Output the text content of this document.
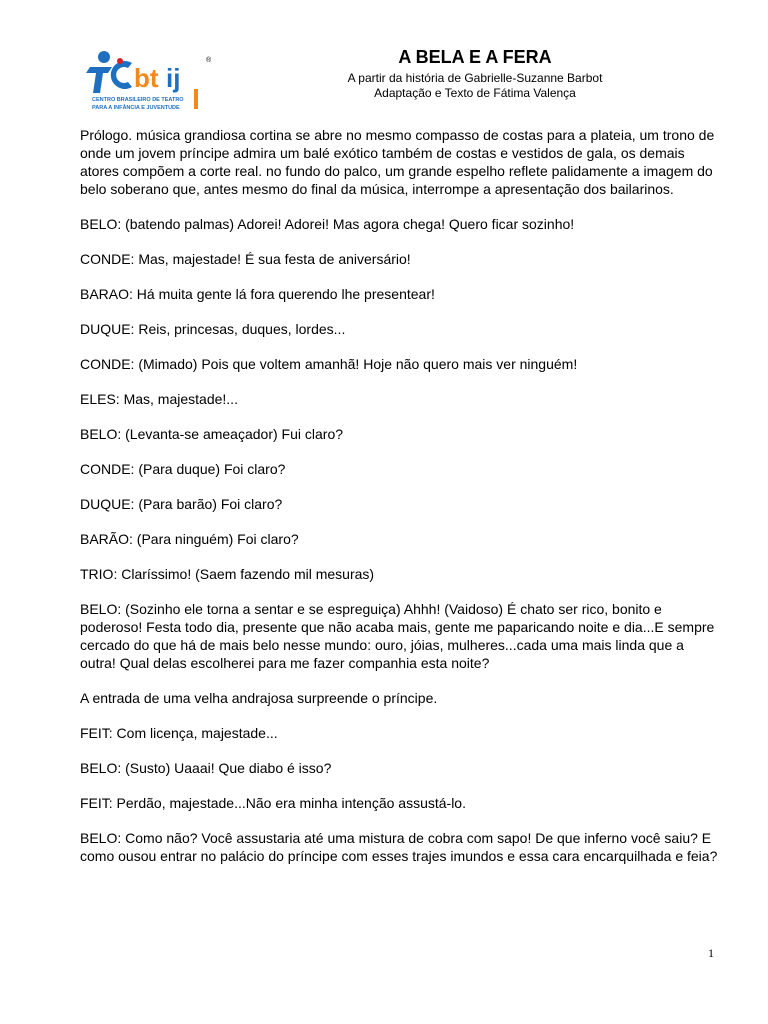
bt ij
®
CENTRO BRASILEIRO DE TEATRO
PARA A INFÂNCIA E JUVENTUDE
A BELA E A FERA
A partir da história de Gabrielle-Suzanne Barbot
Adaptação e Texto de Fátima Valença

Prólogo. música grandiosa cortina se abre no mesmo compasso de costas para a plateia, um trono de onde um jovem príncipe admira um balé exótico também de costas e vestidos de gala, os demais atores compõem a corte real. no fundo do palco, um grande espelho reflete palidamente a imagem do belo soberano que, antes mesmo do final da música, interrompe a apresentação dos bailarinos.

BELO: (batendo palmas) Adorei! Adorei! Mas agora chega! Quero ficar sozinho!

CONDE: Mas, majestade! É sua festa de aniversário!

BARAO: Há muita gente lá fora querendo lhe presentear!

DUQUE: Reis, princesas, duques, lordes...

CONDE: (Mimado) Pois que voltem amanhã! Hoje não quero mais ver ninguém!

ELES: Mas, majestade!...

BELO: (Levanta-se ameaçador) Fui claro?

CONDE: (Para duque) Foi claro?

DUQUE: (Para barão) Foi claro?

BARÃO: (Para ninguém) Foi claro?

TRIO: Claríssimo! (Saem fazendo mil mesuras)

BELO: (Sozinho ele torna a sentar e se espreguiça) Ahhh! (Vaidoso) É chato ser rico, bonito e poderoso! Festa todo dia, presente que não acaba mais, gente me paparicando noite e dia...E sempre cercado do que há de mais belo nesse mundo: ouro, jóias, mulheres...cada uma mais linda que a outra! Qual delas escolherei para me fazer companhia esta noite?

A entrada de uma velha andrajosa surpreende o príncipe.

FEIT: Com licença, majestade...

BELO: (Susto) Uaaai! Que diabo é isso?

FEIT: Perdão, majestade...Não era minha intenção assustá-lo.

BELO: Como não? Você assustaria até uma mistura de cobra com sapo! De que inferno você saiu? E como ousou entrar no palácio do príncipe com esses trajes imundos e essa cara encarquilhada e feia?

1
